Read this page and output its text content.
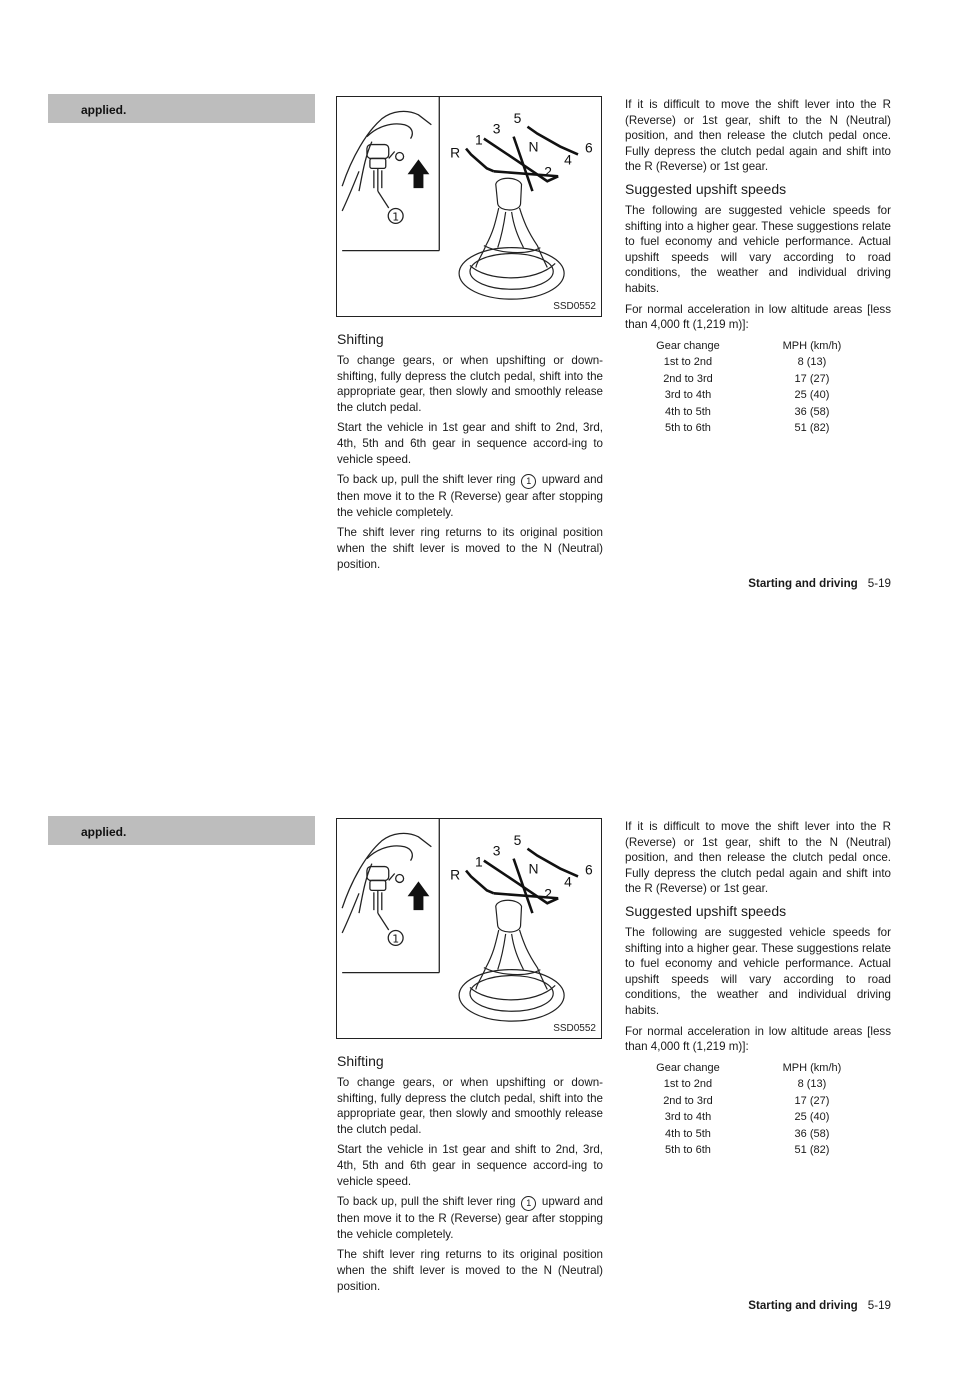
applied.
1
R
1
3
5
N	6
4
2
SSD0552
Shifting

To change gears, or when upshifting or down-shifting, fully depress the clutch pedal, shift into the appropriate gear, then slowly and smoothly release the clutch pedal.

Start the vehicle in 1st gear and shift to 2nd, 3rd, 4th, 5th and 6th gear in sequence accord-ing to vehicle speed.

To back up, pull the shift lever ring 1 upward and then move it to the R (Reverse) gear after stopping the vehicle completely.

The shift lever ring returns to its original position when the shift lever is moved to the N (Neutral) position.

If it is difficult to move the shift lever into the R (Reverse) or 1st gear, shift to the N (Neutral) position, and then release the clutch pedal once. Fully depress the clutch pedal again and shift into the R (Reverse) or 1st gear.

Suggested upshift speeds

The following are suggested vehicle speeds for shifting into a higher gear. These suggestions relate to fuel economy and vehicle performance. Actual upshift speeds will vary according to road conditions, the weather and individual driving habits.

For normal acceleration in low altitude areas [less than 4,000 ft (1,219 m)]:

Gear change	MPH (km/h)
1st to 2nd	8 (13)
2nd to 3rd	17 (27)
3rd to 4th	25 (40)
4th to 5th	36 (58)
5th to 6th	51 (82)
Starting and driving 5-19
applied.
1
R
1
3
5
N	6
4
2
SSD0552
Shifting

To change gears, or when upshifting or down-shifting, fully depress the clutch pedal, shift into the appropriate gear, then slowly and smoothly release the clutch pedal.

Start the vehicle in 1st gear and shift to 2nd, 3rd, 4th, 5th and 6th gear in sequence accord-ing to vehicle speed.

To back up, pull the shift lever ring 1 upward and then move it to the R (Reverse) gear after stopping the vehicle completely.

The shift lever ring returns to its original position when the shift lever is moved to the N (Neutral) position.

If it is difficult to move the shift lever into the R (Reverse) or 1st gear, shift to the N (Neutral) position, and then release the clutch pedal once. Fully depress the clutch pedal again and shift into the R (Reverse) or 1st gear.

Suggested upshift speeds

The following are suggested vehicle speeds for shifting into a higher gear. These suggestions relate to fuel economy and vehicle performance. Actual upshift speeds will vary according to road conditions, the weather and individual driving habits.

For normal acceleration in low altitude areas [less than 4,000 ft (1,219 m)]:

Gear change	MPH (km/h)
1st to 2nd	8 (13)
2nd to 3rd	17 (27)
3rd to 4th	25 (40)
4th to 5th	36 (58)
5th to 6th	51 (82)
Starting and driving 5-19
